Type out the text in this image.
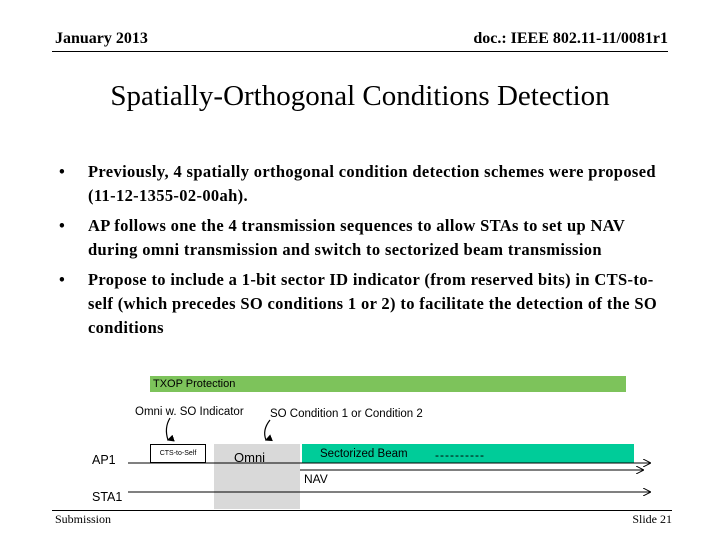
January 2013	doc.: IEEE 802.11-11/0081r1
Spatially-Orthogonal Conditions Detection
• Previously, 4 spatially orthogonal condition detection schemes were proposed (11-12-1355-02-00ah).
• AP follows one the 4 transmission sequences to allow STAs to set up NAV during omni transmission and switch to sectorized beam transmission
• Propose to include a 1-bit sector ID indicator (from reserved bits) in CTS-to-self (which precedes SO conditions 1 or 2) to facilitate the detection of the SO conditions
TXOP Protection
Omni w. SO Indicator SO Condition 1 or Condition 2
CTS-to-Self	Omni	Sectorized Beam ----------
NAV
AP1
STA1
Submission	Slide 21
